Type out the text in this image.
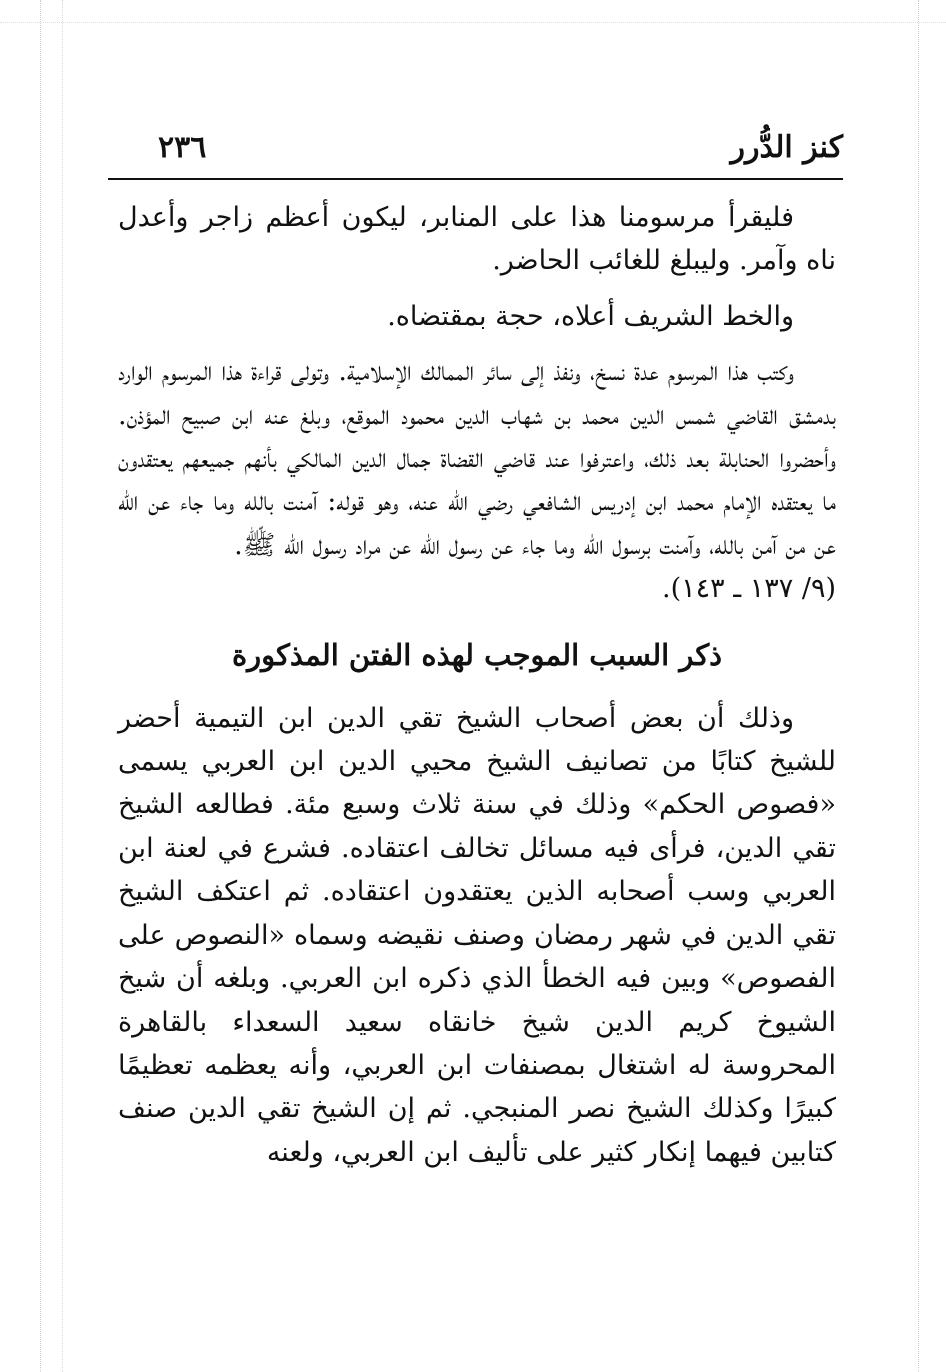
كنز الدُّرر
٢٣٦

فليقرأ مرسومنا هذا على المنابر، ليكون أعظم زاجر وأعدل ناه وآمر. وليبلغ للغائب الحاضر.

والخط الشريف أعلاه، حجة بمقتضاه.

وكتب هذا المرسوم عدة نسخ، ونفذ إلى سائر الممالك الإسلامية. وتولى قراءة هذا المرسوم الوارد بدمشق القاضي شمس الدين محمد بن شهاب الدين محمود الموقع، وبلغ عنه ابن صبيح المؤذن. وأحضروا الحنابلة بعد ذلك، واعترفوا عند قاضي القضاة جمال الدين المالكي بأنهم جميعهم يعتقدون ما يعتقده الإمام محمد ابن إدريس الشافعي رضي الله عنه، وهو قوله: آمنت بالله وما جاء عن الله عن من آمن بالله، وآمنت برسول الله وما جاء عن رسول الله عن مراد رسول الله ﷺ.

(٩/ ١٣٧ ـ ١٤٣).

ذكر السبب الموجب لهذه الفتن المذكورة

وذلك أن بعض أصحاب الشيخ تقي الدين ابن التيمية أحضر للشيخ كتابًا من تصانيف الشيخ محيي الدين ابن العربي يسمى «فصوص الحكم» وذلك في سنة ثلاث وسبع مئة. فطالعه الشيخ تقي الدين، فرأى فيه مسائل تخالف اعتقاده. فشرع في لعنة ابن العربي وسب أصحابه الذين يعتقدون اعتقاده. ثم اعتكف الشيخ تقي الدين في شهر رمضان وصنف نقيضه وسماه «النصوص على الفصوص» وبين فيه الخطأ الذي ذكره ابن العربي. وبلغه أن شيخ الشيوخ كريم الدين شيخ خانقاه سعيد السعداء بالقاهرة المحروسة له اشتغال بمصنفات ابن العربي، وأنه يعظمه تعظيمًا كبيرًا وكذلك الشيخ نصر المنبجي. ثم إن الشيخ تقي الدين صنف كتابين فيهما إنكار كثير على تأليف ابن العربي، ولعنه
